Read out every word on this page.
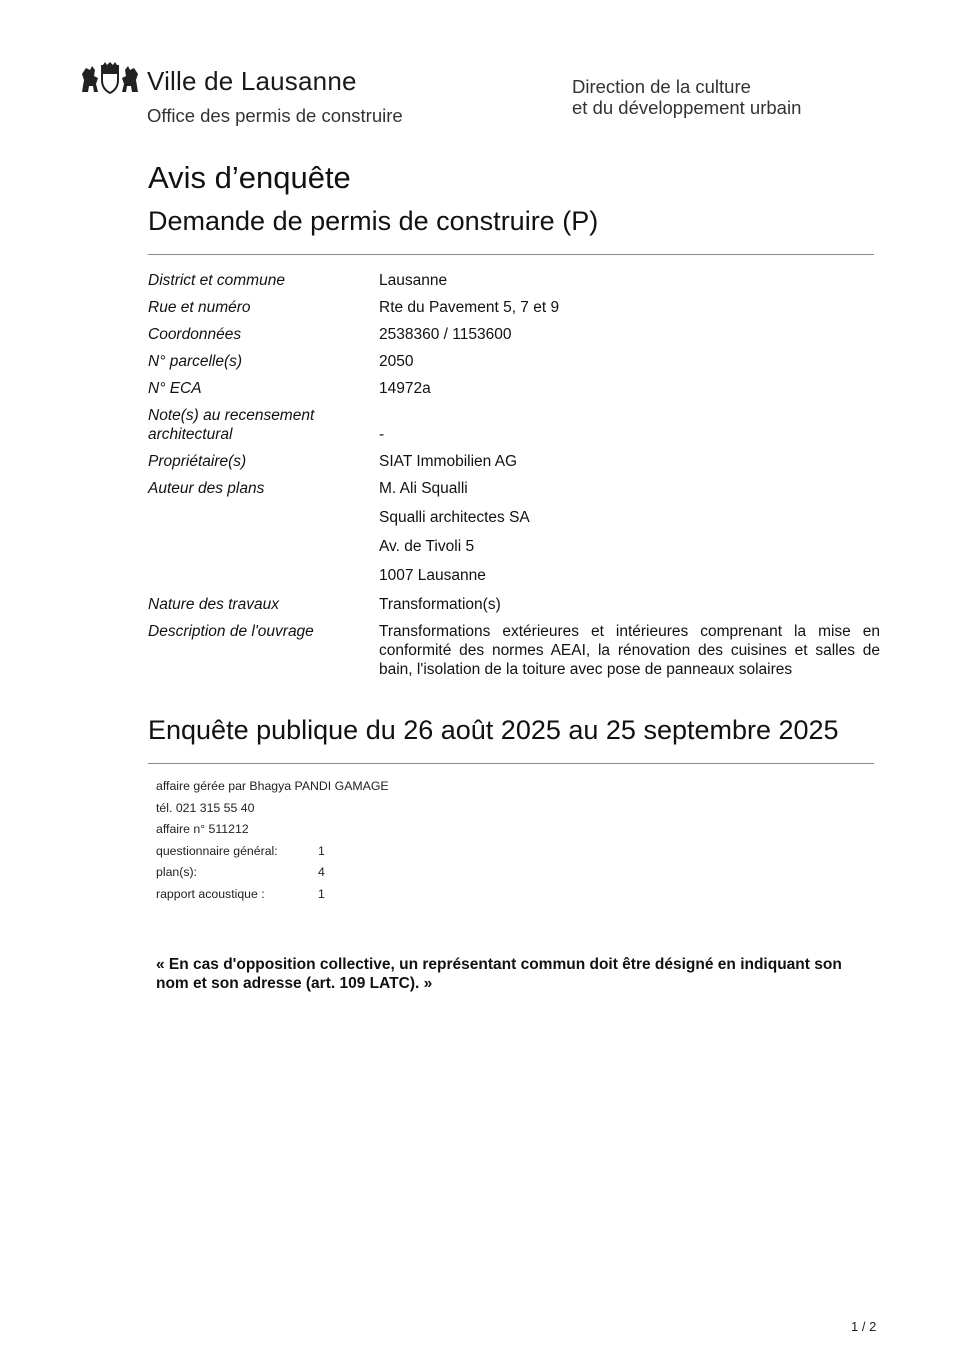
Ville de Lausanne
Office des permis de construire
Direction de la culture
et du développement urbain
Avis d’enquête
Demande de permis de construire (P)
District et commune	Lausanne
Rue et numéro	Rte du Pavement 5, 7 et 9
Coordonnées	2538360 / 1153600
N° parcelle(s)	2050
N° ECA	14972a
Note(s) au recensement architectural	-
Propriétaire(s)	SIAT Immobilien AG
Auteur des plans	M. Ali Squalli
Squalli architectes SA
Av. de Tivoli 5
1007 Lausanne
Nature des travaux	Transformation(s)
Description de l'ouvrage	Transformations extérieures et intérieures comprenant la mise en conformité des normes AEAI, la rénovation des cuisines et salles de bain, l'isolation de la toiture avec pose de panneaux solaires
Enquête publique du 26 août 2025 au 25 septembre 2025
affaire gérée par Bhagya PANDI GAMAGE
tél. 021 315 55 40
affaire n° 511212
questionnaire général:	1
plan(s):	4
rapport acoustique :	1
« En cas d'opposition collective, un représentant commun doit être désigné en indiquant son nom et son adresse (art. 109 LATC). »
1 / 2
